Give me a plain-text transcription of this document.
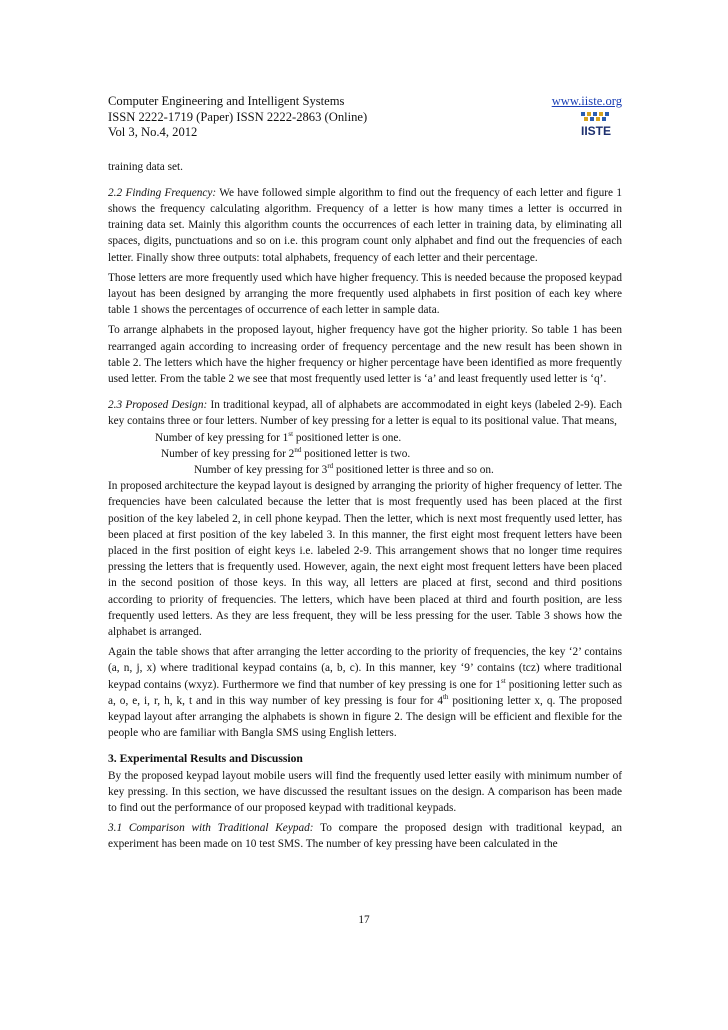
Computer Engineering and Intelligent Systems
ISSN 2222-1719 (Paper) ISSN 2222-2863 (Online)
Vol 3, No.4, 2012
www.iiste.org
IISTE

training data set.

2.2 Finding Frequency: We have followed simple algorithm to find out the frequency of each letter and figure 1 shows the frequency calculating algorithm. Frequency of a letter is how many times a letter is occurred in training data set. Mainly this algorithm counts the occurrences of each letter in training data, by eliminating all spaces, digits, punctuations and so on i.e. this program count only alphabet and find out the frequencies of each letter. Finally show three outputs: total alphabets, frequency of each letter and their percentage.

Those letters are more frequently used which have higher frequency. This is needed because the proposed keypad layout has been designed by arranging the more frequently used alphabets in first position of each key where table 1 shows the percentages of occurrence of each letter in sample data.

To arrange alphabets in the proposed layout, higher frequency have got the higher priority. So table 1 has been rearranged again according to increasing order of frequency percentage and the new result has been shown in table 2. The letters which have the higher frequency or higher percentage have been identified as more frequently used letter. From the table 2 we see that most frequently used letter is ‘a’ and least frequently used letter is ‘q’.

2.3 Proposed Design: In traditional keypad, all of alphabets are accommodated in eight keys (labeled 2-9). Each key contains three or four letters. Number of key pressing for a letter is equal to its positional value. That means,

Number of key pressing for 1st positioned letter is one.

Number of key pressing for 2nd positioned letter is two.

Number of key pressing for 3rd positioned letter is three and so on.

In proposed architecture the keypad layout is designed by arranging the priority of higher frequency of letter. The frequencies have been calculated because the letter that is most frequently used has been placed at the first position of the key labeled 2, in cell phone keypad. Then the letter, which is next most frequently used letter, has been placed at first position of the key labeled 3. In this manner, the first eight most frequent letters have been placed in the first position of eight keys i.e. labeled 2-9. This arrangement shows that no longer time requires pressing the letters that is frequently used. However, again, the next eight most frequent letters have been placed in the second position of those keys. In this way, all letters are placed at first, second and third positions according to priority of frequencies. The letters, which have been placed at third and fourth position, are less frequently used letters. As they are less frequent, they will be less pressing for the user. Table 3 shows how the alphabet is arranged.

Again the table shows that after arranging the letter according to the priority of frequencies, the key ‘2’ contains (a, n, j, x) where traditional keypad contains (a, b, c). In this manner, key ‘9’ contains (tcz) where traditional keypad contains (wxyz). Furthermore we find that number of key pressing is one for 1st positioning letter such as a, o, e, i, r, h, k, t and in this way number of key pressing is four for 4th positioning letter x, q. The proposed keypad layout after arranging the alphabets is shown in figure 2. The design will be efficient and flexible for the people who are familiar with Bangla SMS using English letters.

3. Experimental Results and Discussion

By the proposed keypad layout mobile users will find the frequently used letter easily with minimum number of key pressing. In this section, we have discussed the resultant issues on the design. A comparison has been made to find out the performance of our proposed keypad with traditional keypads.

3.1 Comparison with Traditional Keypad: To compare the proposed design with traditional keypad, an experiment has been made on 10 test SMS. The number of key pressing have been calculated in the

17
